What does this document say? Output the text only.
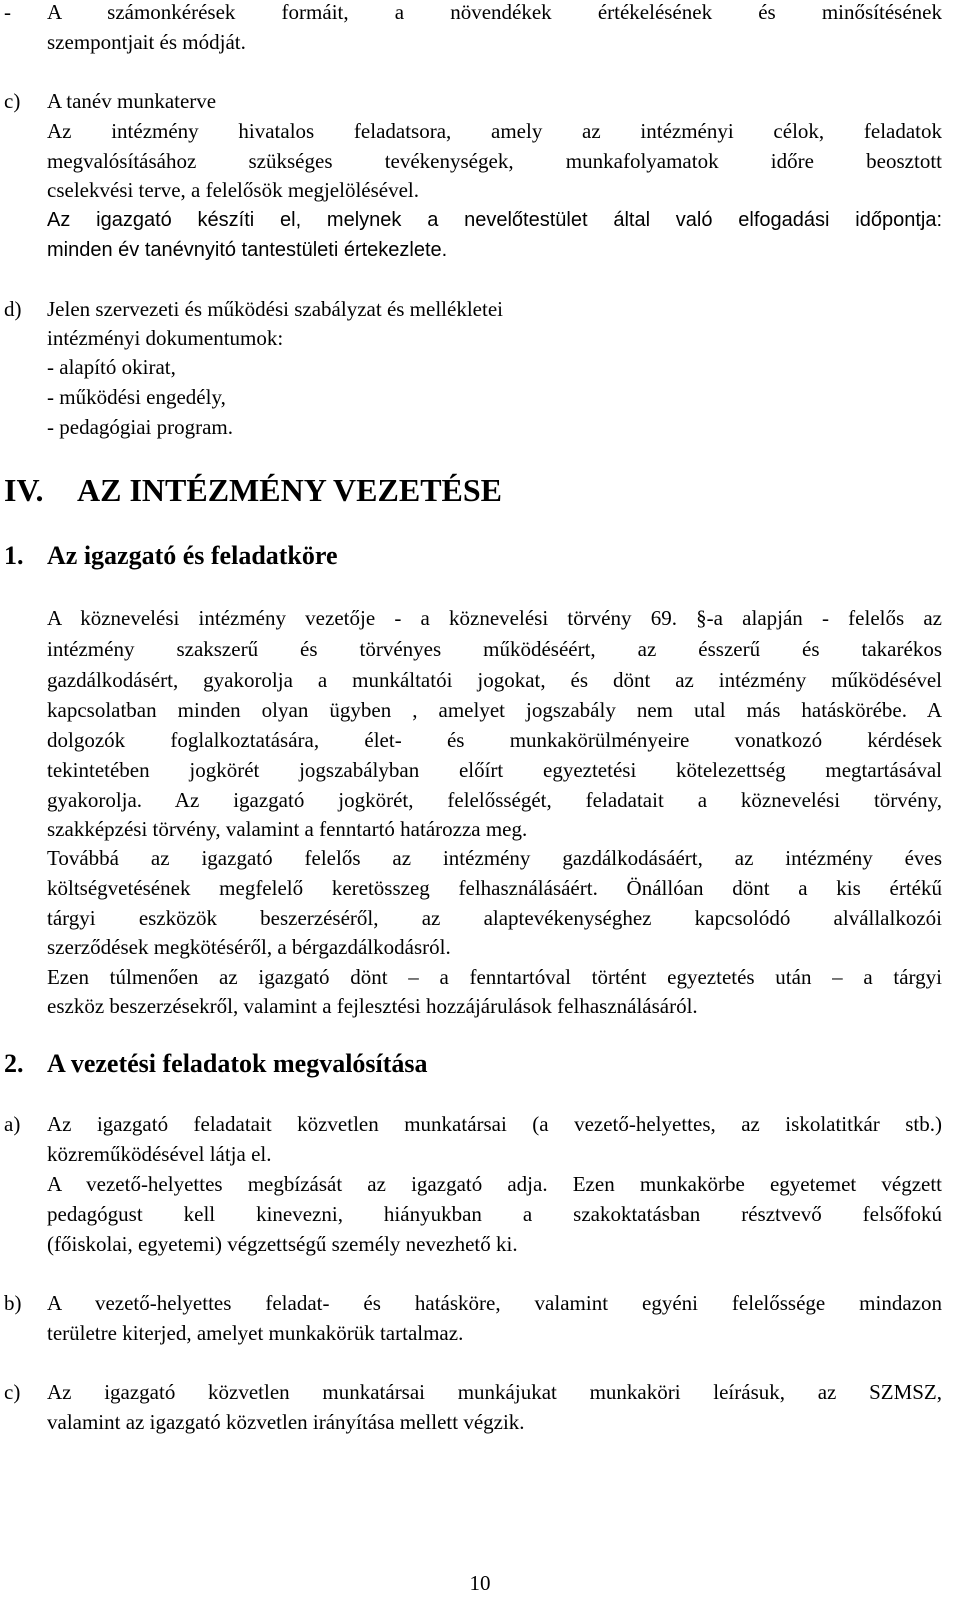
- A számonkérések formáit, a növendékek értékelésének és minősítésének
szempontjait és módját.
c) A tanév munkaterve
Az intézmény hivatalos feladatsora, amely az intézményi célok, feladatok
megvalósításához szükséges tevékenységek, munkafolyamatok időre beosztott
cselekvési terve, a felelősök megjelölésével.
Az igazgató készíti el, melynek a nevelőtestület által való elfogadási időpontja:
minden év tanévnyitó tantestületi értekezlete.
d) Jelen szervezeti és működési szabályzat és mellékletei
intézményi dokumentumok:
- alapító okirat,
- működési engedély,
- pedagógiai program.
IV. AZ INTÉZMÉNY VEZETÉSE
1. Az igazgató és feladatköre
A köznevelési intézmény vezetője - a köznevelési törvény 69. §-a alapján - felelős az
intézmény szakszerű és törvényes működéséért, az ésszerű és takarékos
gazdálkodásért, gyakorolja a munkáltatói jogokat, és dönt az intézmény működésével
kapcsolatban minden olyan ügyben , amelyet jogszabály nem utal más hatáskörébe. A
dolgozók foglalkoztatására, élet- és munkakörülményeire vonatkozó kérdések
tekintetében jogkörét jogszabályban előírt egyeztetési kötelezettség megtartásával
gyakorolja. Az igazgató jogkörét, felelősségét, feladatait a köznevelési törvény,
szakképzési törvény, valamint a fenntartó határozza meg.
Továbbá az igazgató felelős az intézmény gazdálkodásáért, az intézmény éves
költségvetésének megfelelő keretösszeg felhasználásáért. Önállóan dönt a kis értékű
tárgyi eszközök beszerzéséről, az alaptevékenységhez kapcsolódó alvállalkozói
szerződések megkötéséről, a bérgazdálkodásról.
Ezen túlmenően az igazgató dönt – a fenntartóval történt egyeztetés után – a tárgyi
eszköz beszerzésekről, valamint a fejlesztési hozzájárulások felhasználásáról.
2. A vezetési feladatok megvalósítása
a) Az igazgató feladatait közvetlen munkatársai (a vezető-helyettes, az iskolatitkár stb.)
közreműködésével látja el.
A vezető-helyettes megbízását az igazgató adja. Ezen munkakörbe egyetemet végzett
pedagógust kell kinevezni, hiányukban a szakoktatásban résztvevő felsőfokú
(főiskolai, egyetemi) végzettségű személy nevezhető ki.
b) A vezető-helyettes feladat- és hatásköre, valamint egyéni felelőssége mindazon
területre kiterjed, amelyet munkakörük tartalmaz.
c) Az igazgató közvetlen munkatársai munkájukat munkaköri leírásuk, az SZMSZ,
valamint az igazgató közvetlen irányítása mellett végzik.
10
